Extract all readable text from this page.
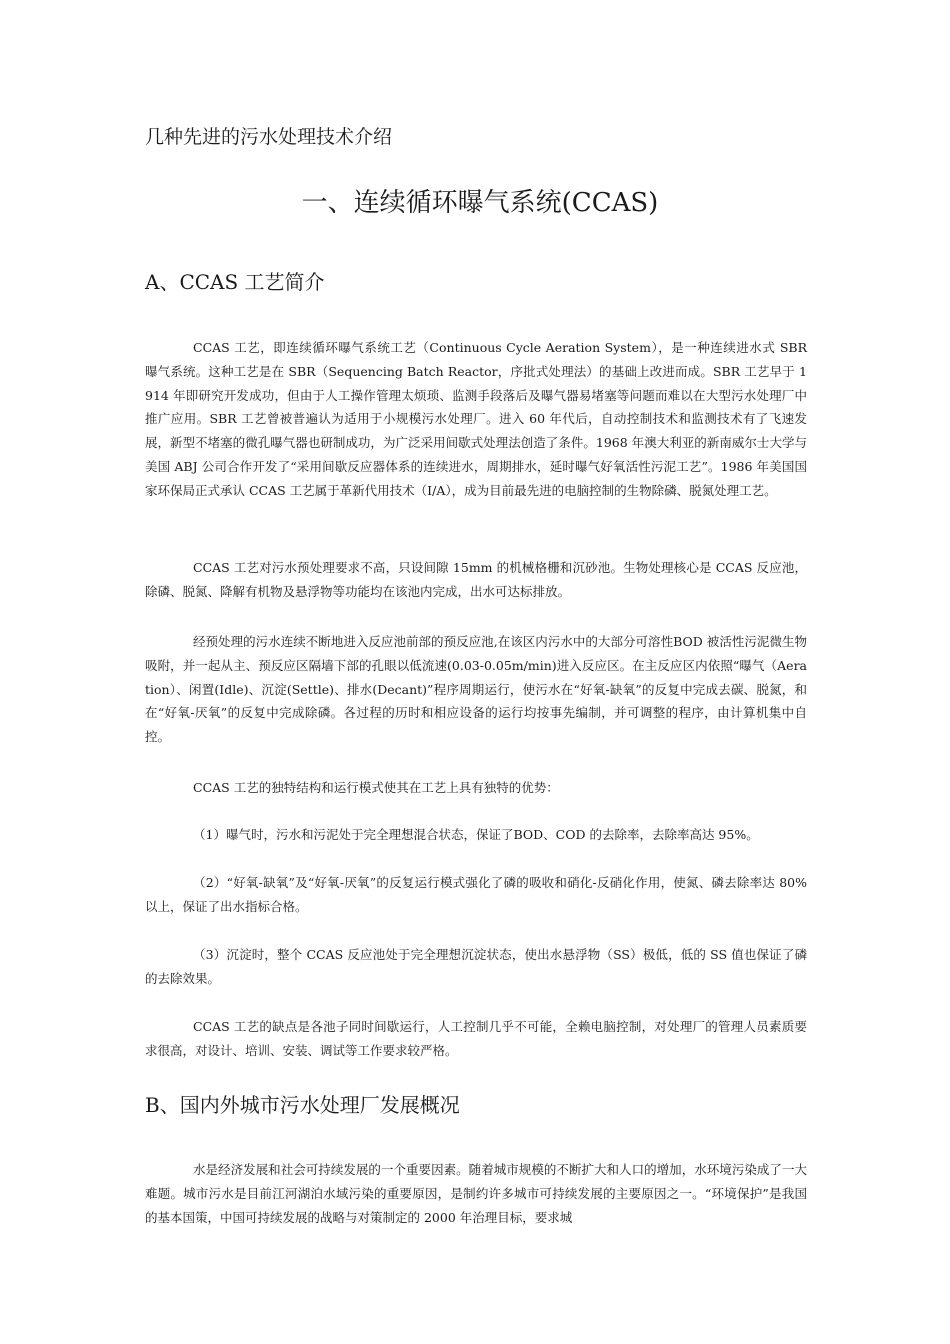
几种先进的污水处理技术介绍
一、连续循环曝气系统(CCAS)
A、CCAS 工艺简介

CCAS 工艺，即连续循环曝气系统工艺（Continuous Cycle Aeration System），是一种连续进水式 SBR 曝气系统。这种工艺是在 SBR（Sequencing Batch Reactor，序批式处理法）的基础上改进而成。SBR 工艺早于 1914 年即研究开发成功，但由于人工操作管理太烦琐、监测手段落后及曝气器易堵塞等问题而难以在大型污水处理厂中推广应用。SBR 工艺曾被普遍认为适用于小规模污水处理厂。进入 60 年代后，自动控制技术和监测技术有了飞速发展，新型不堵塞的微孔曝气器也研制成功，为广泛采用间歇式处理法创造了条件。1968 年澳大利亚的新南威尔士大学与美国 ABJ 公司合作开发了“采用间歇反应器体系的连续进水，周期排水，延时曝气好氧活性污泥工艺”。1986 年美国国家环保局正式承认 CCAS 工艺属于革新代用技术（I/A），成为目前最先进的电脑控制的生物除磷、脱氮处理工艺。

CCAS 工艺对污水预处理要求不高，只设间隙 15mm 的机械格栅和沉砂池。生物处理核心是 CCAS 反应池，除磷、脱氮、降解有机物及悬浮物等功能均在该池内完成，出水可达标排放。

经预处理的污水连续不断地进入反应池前部的预反应池,在该区内污水中的大部分可溶性BOD 被活性污泥微生物吸附，并一起从主、预反应区隔墙下部的孔眼以低流速(0.03-0.05m/min)进入反应区。在主反应区内依照“曝气（Aeration）、闲置(Idle)、沉淀(Settle)、排水(Decant)”程序周期运行，使污水在“好氧-缺氧”的反复中完成去碳、脱氮，和在“好氧-厌氧”的反复中完成除磷。各过程的历时和相应设备的运行均按事先编制，并可调整的程序，由计算机集中自控。

CCAS 工艺的独特结构和运行模式使其在工艺上具有独特的优势：

（1）曝气时，污水和污泥处于完全理想混合状态，保证了BOD、COD 的去除率，去除率高达 95%。

（2）“好氧-缺氧”及“好氧-厌氧”的反复运行模式强化了磷的吸收和硝化-反硝化作用，使氮、磷去除率达 80%以上，保证了出水指标合格。

（3）沉淀时，整个 CCAS 反应池处于完全理想沉淀状态，使出水悬浮物（SS）极低，低的 SS 值也保证了磷的去除效果。

CCAS 工艺的缺点是各池子同时间歇运行，人工控制几乎不可能，全赖电脑控制，对处理厂的管理人员素质要求很高，对设计、培训、安装、调试等工作要求较严格。

B、国内外城市污水处理厂发展概况

水是经济发展和社会可持续发展的一个重要因素。随着城市规模的不断扩大和人口的增加，水环境污染成了一大难题。城市污水是目前江河湖泊水域污染的重要原因，是制约许多城市可持续发展的主要原因之一。“环境保护”是我国的基本国策，中国可持续发展的战略与对策制定的 2000 年治理目标，要求城
